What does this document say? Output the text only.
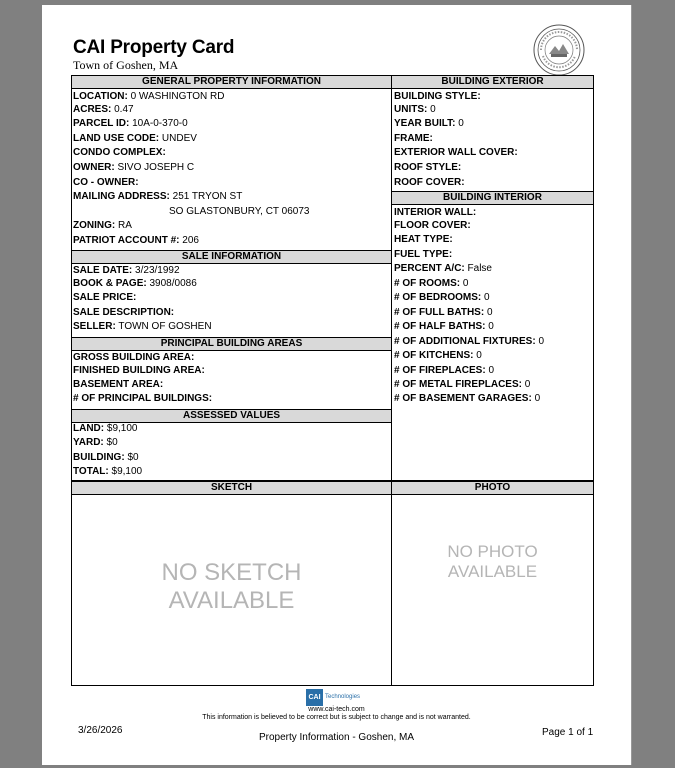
CAI Property Card
Town of Goshen, MA
GENERAL PROPERTY INFORMATION
LOCATION: 0 WASHINGTON RD
ACRES: 0.47
PARCEL ID: 10A-0-370-0
LAND USE CODE: UNDEV
CONDO COMPLEX:
OWNER: SIVO JOSEPH C
CO - OWNER:
MAILING ADDRESS: 251 TRYON ST
SO GLASTONBURY, CT 06073
ZONING: RA
PATRIOT ACCOUNT #: 206
SALE INFORMATION
SALE DATE: 3/23/1992
BOOK & PAGE: 3908/0086
SALE PRICE:
SALE DESCRIPTION:
SELLER: TOWN OF GOSHEN
PRINCIPAL BUILDING AREAS
GROSS BUILDING AREA:
FINISHED BUILDING AREA:
BASEMENT AREA:
# OF PRINCIPAL BUILDINGS:
ASSESSED VALUES
LAND: $9,100
YARD: $0
BUILDING: $0
TOTAL: $9,100
BUILDING EXTERIOR
BUILDING STYLE:
UNITS: 0
YEAR BUILT: 0
FRAME:
EXTERIOR WALL COVER:
ROOF STYLE:
ROOF COVER:
BUILDING INTERIOR
INTERIOR WALL:
FLOOR COVER:
HEAT TYPE:
FUEL TYPE:
PERCENT A/C: False
# OF ROOMS: 0
# OF BEDROOMS: 0
# OF FULL BATHS: 0
# OF HALF BATHS: 0
# OF ADDITIONAL FIXTURES: 0
# OF KITCHENS: 0
# OF FIREPLACES: 0
# OF METAL FIREPLACES: 0
# OF BASEMENT GARAGES: 0
SKETCH
NO SKETCH
AVAILABLE
PHOTO
NO PHOTO
AVAILABLE
CAI Technologies
www.cai-tech.com
This information is believed to be correct but is subject to change and is not warranted.
3/26/2026
Property Information - Goshen, MA	Page 1 of 1
